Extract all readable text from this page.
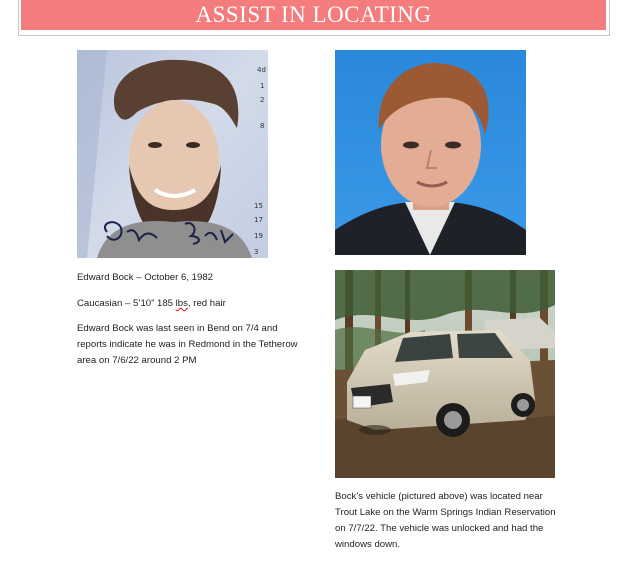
ASSIST IN LOCATING
4d
1
2
8
15
17
19
3

Edward Bock – October 6, 1982

Caucasian – 5’10” 185 lbs, red hair

Edward Bock was last seen in Bend on 7/4 and reports indicate he was in Redmond in the Tetherow area on 7/6/22 around 2 PM

Bock’s vehicle (pictured above) was located near Trout Lake on the Warm Springs Indian Reservation on 7/7/22. The vehicle was unlocked and had the windows down.
